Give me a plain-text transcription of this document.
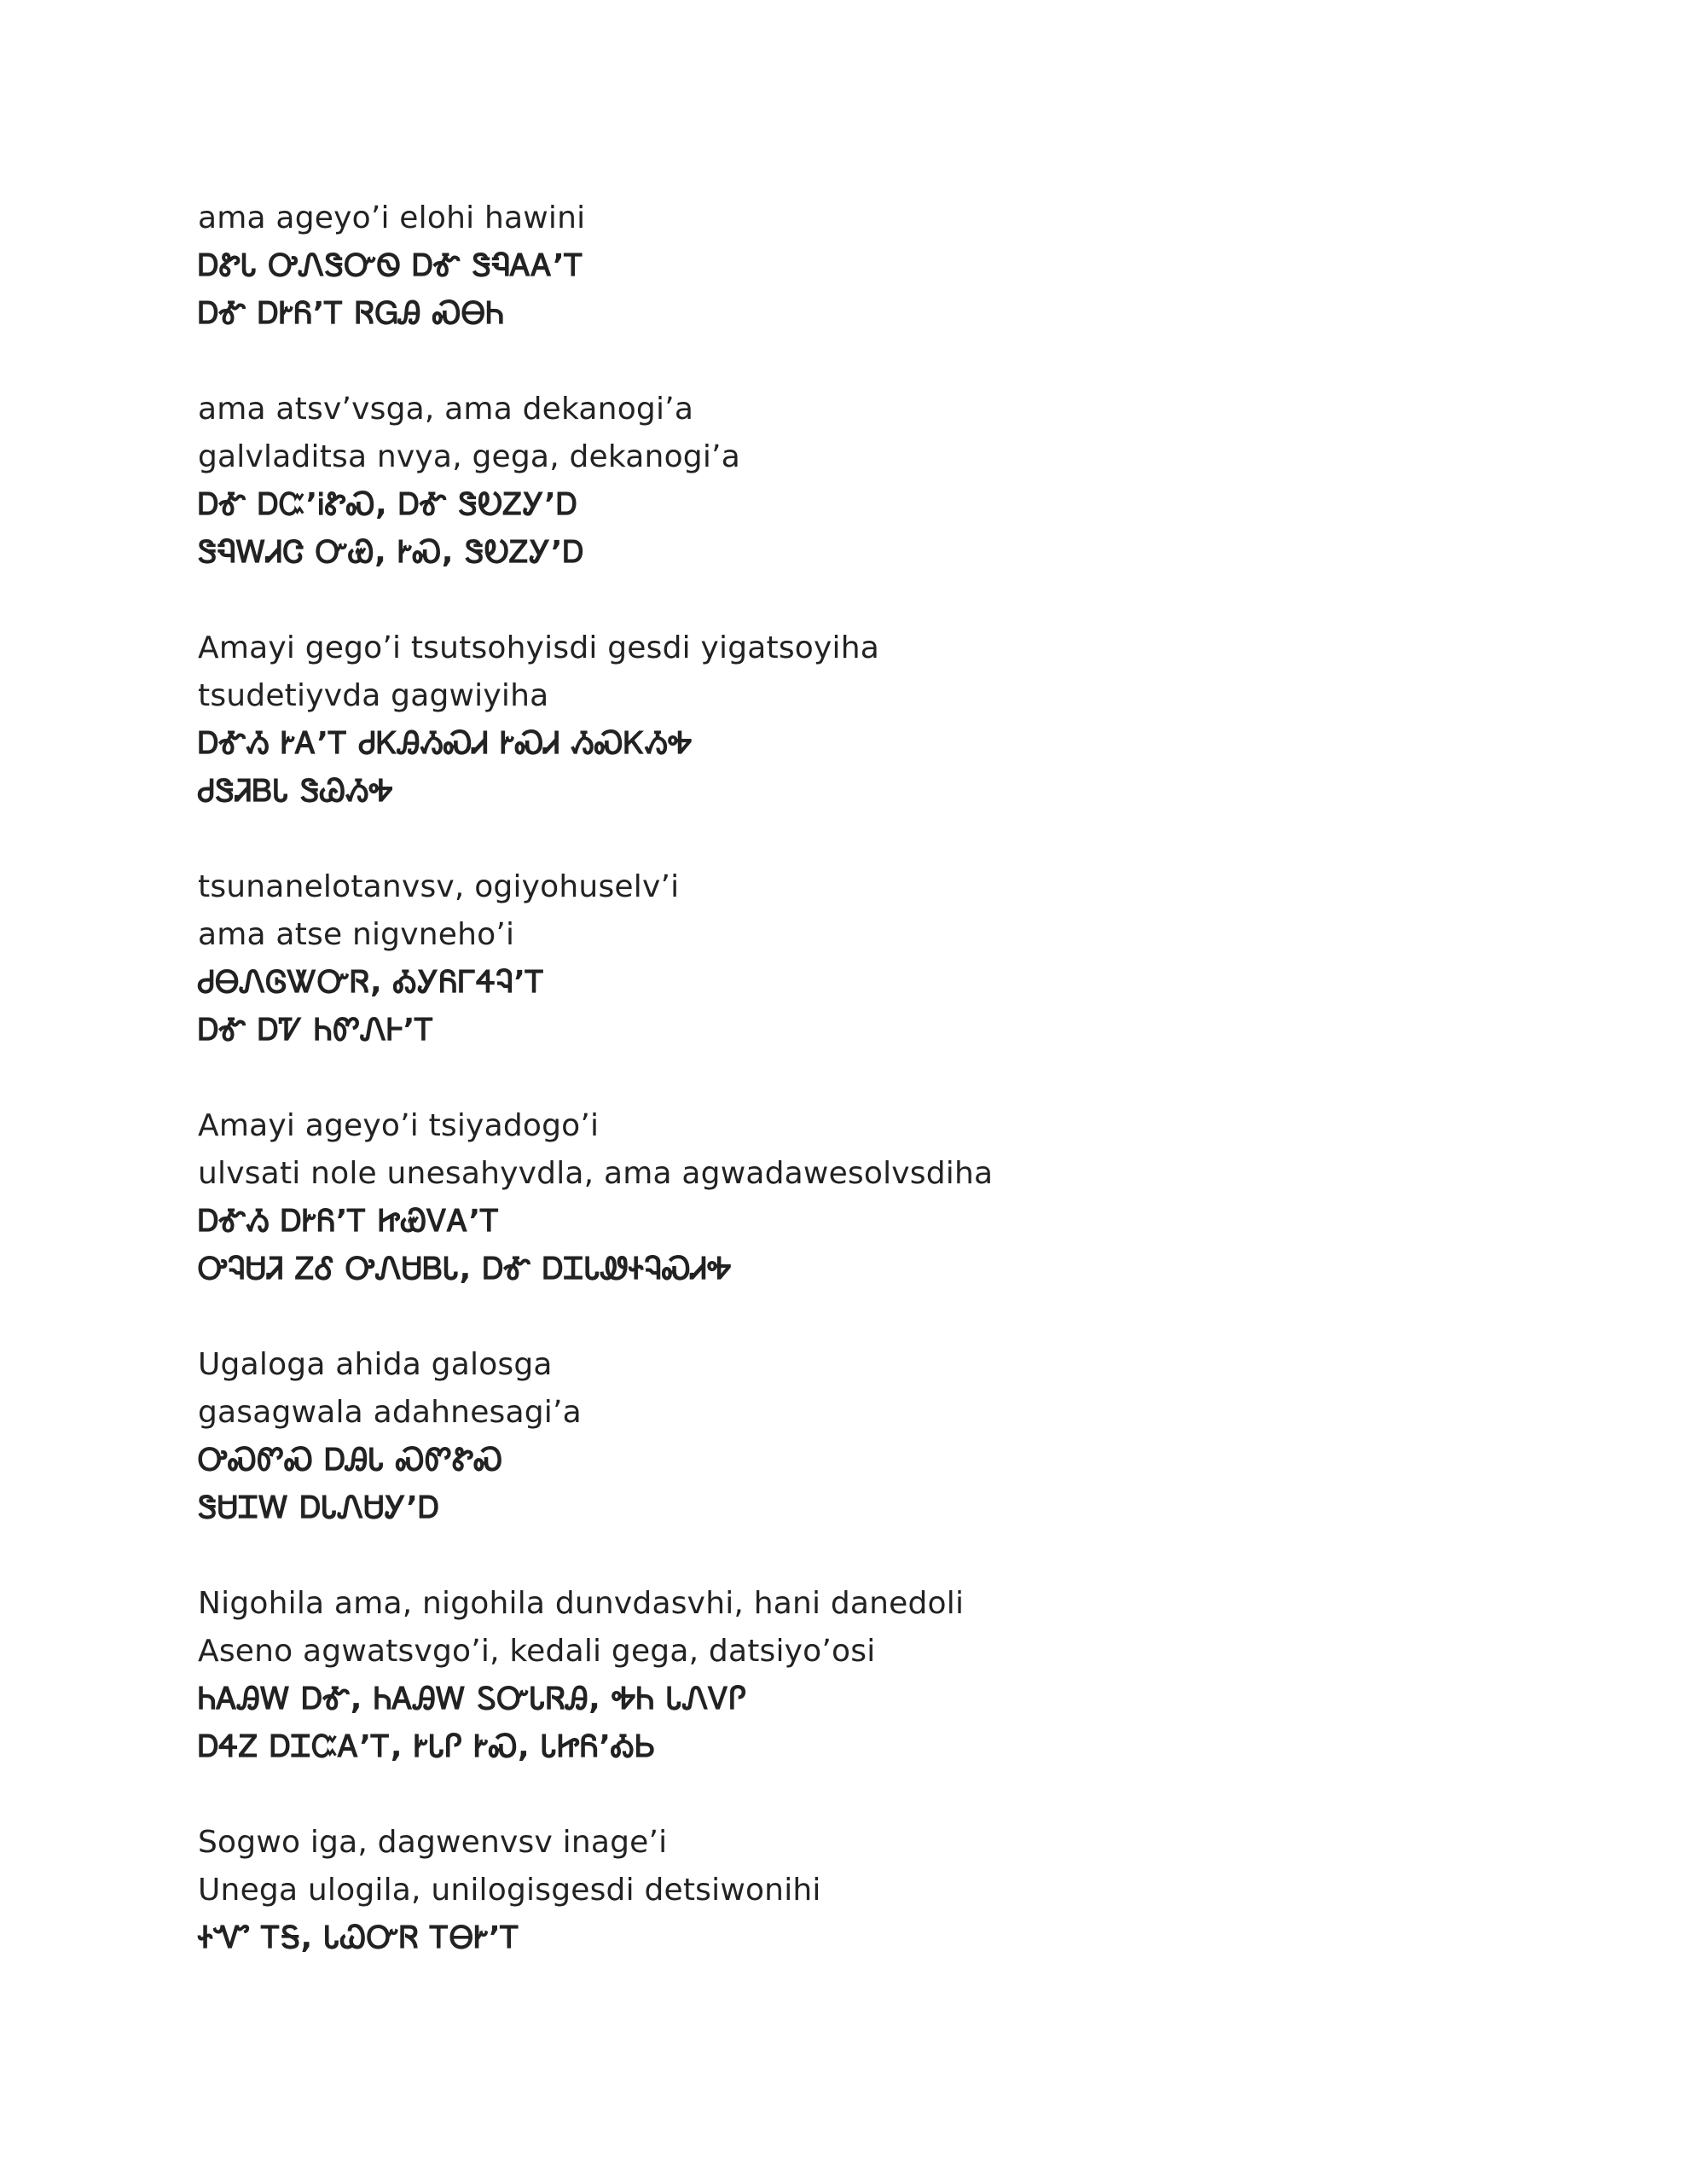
ama ageyo’i elohi hawini
ᎠᏑᏓ ᎤᏁᏕᏅᏫ ᎠᎹ ᏕᏄᎪᎪ’Ꭲ
ᎠᎹ ᎠᎨᏲ’Ꭲ ᏒᏀᎯ ᏍᎾᏂ
ama atsv’vsga, ama dekanogi’a
galvladitsa nvya, gega, dekanogi’a
ᎠᎹ ᎠᏨ’ᎥᏑᏍ, ᎠᎹ ᏕᎧᏃᎩ’Ꭰ
ᏕᏄᎳᏗᏣ ᏅᏯ, ᎨᏍ, ᏕᎧᏃᎩ’Ꭰ
Amayi gego’i tsutsohyisdi gesdi yigatsoyiha
tsudetiyvda gagwiyiha
ᎠᎹᏱ ᎨᎪ’Ꭲ ᏧᏦᎯᏱᏍᏗ ᎨᏍᏗ ᏱᏍᏦᏱᎭ
ᏧᏕᏘᏴᏓ ᏕᏊᏱᎭ
tsunanelotanvsv, ogiyohuselv’i
ama atse nigvneho’i
ᏧᎾᏁᎶᏔᏅᏒ, ᎣᎩᏲᎱᏎᎸ’Ꭲ
ᎠᎹ ᎠᏤ ᏂᏛᏁᎰ’Ꭲ
Amayi ageyo’i tsiyadogo’i
ulvsati nole unesahyvdla, ama agwadawesolvsdiha
ᎠᎹᏱ ᎠᎨᏲ’Ꭲ ᏥᏯᏙᎪ’Ꭲ
ᎤᎸᏌᏘ ᏃᎴ ᎤᏁᏌᏴᏓ, ᎠᎹ ᎠᏆᏓᏪᏐᎸᏍᏗᎭ
Ugaloga ahida galosga
gasagwala adahnesagi’a
ᎤᏍᏛᏍ ᎠᎯᏓ ᏍᏛᏑᏍ
ᏕᏌᏆᎳ ᎠᏓᏁᏌᎩ’Ꭰ
Nigohila ama, nigohila dunvdasvhi, hani danedoli
Aseno agwatsvgo’i, kedali gega, datsiyo’osi
ᏂᎪᎯᎳ ᎠᎹ, ᏂᎪᎯᎳ ᏚᏅᏓᏒᎯ, ᎭᏂ ᏓᏁᏙᎵ
ᎠᏎᏃ ᎠᏆᏨᎪ’Ꭲ, ᎨᏓᎵ ᎨᏍ, ᏓᏥᏲ’ᎣᏏ
Sogwo iga, dagwenvsv inage’i
Unega ulogila, unilogisgesdi detsiwonihi
ᏐᏉ ᎢᎦ, ᏓᏇᏅᏒ ᎢᎾᎨ’Ꭲ
